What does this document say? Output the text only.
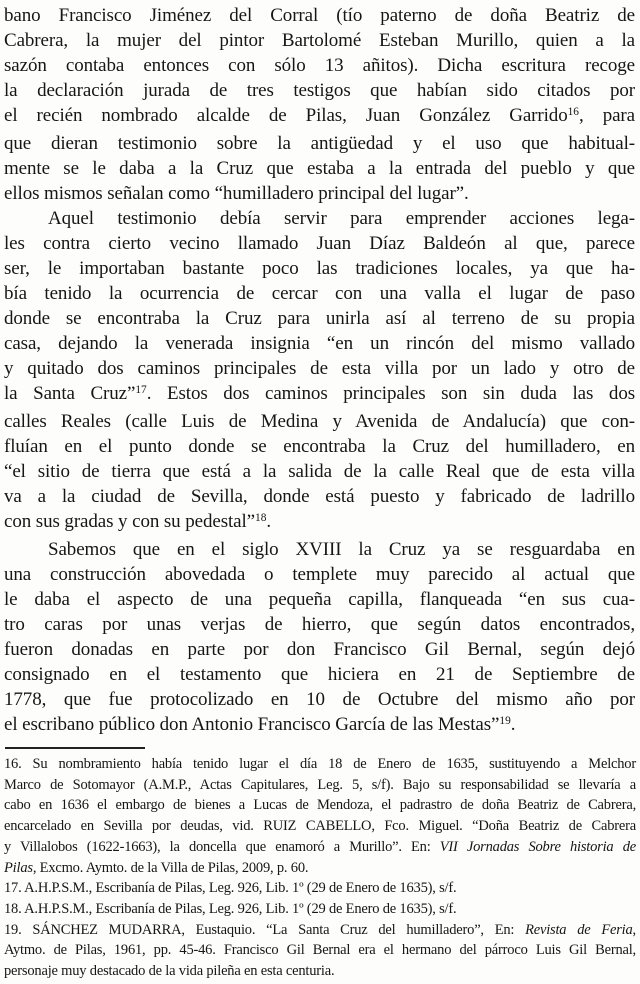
bano Francisco Jiménez del Corral (tío paterno de doña Beatriz de
Cabrera, la mujer del pintor Bartolomé Esteban Murillo, quien a la
sazón contaba entonces con sólo 13 añitos). Dicha escritura recoge
la declaración jurada de tres testigos que habían sido citados por
el recién nombrado alcalde de Pilas, Juan González Garrido$^{16}$, para
que dieran testimonio sobre la antigüedad y el uso que habitual-
mente se le daba a la Cruz que estaba a la entrada del pueblo y que
ellos mismos señalan como “humilladero principal del lugar”.
Aquel testimonio debía servir para emprender acciones lega-
les contra cierto vecino llamado Juan Díaz Baldeón al que, parece
ser, le importaban bastante poco las tradiciones locales, ya que ha-
bía tenido la ocurrencia de cercar con una valla el lugar de paso
donde se encontraba la Cruz para unirla así al terreno de su propia
casa, dejando la venerada insignia “en un rincón del mismo vallado
y quitado dos caminos principales de esta villa por un lado y otro de
la Santa Cruz”$^{17}$. Estos dos caminos principales son sin duda las dos
calles Reales (calle Luis de Medina y Avenida de Andalucía) que con-
fluían en el punto donde se encontraba la Cruz del humilladero, en
“el sitio de tierra que está a la salida de la calle Real que de esta villa
va a la ciudad de Sevilla, donde está puesto y fabricado de ladrillo
con sus gradas y con su pedestal”$^{18}$.
Sabemos que en el siglo XVIII la Cruz ya se resguardaba en
una construcción abovedada o templete muy parecido al actual que
le daba el aspecto de una pequeña capilla, flanqueada “en sus cua-
tro caras por unas verjas de hierro, que según datos encontrados,
fueron donadas en parte por don Francisco Gil Bernal, según dejó
consignado en el testamento que hiciera en 21 de Septiembre de
1778, que fue protocolizado en 10 de Octubre del mismo año por
el escribano público don Antonio Francisco García de las Mestas”$^{19}$.
16. Su nombramiento había tenido lugar el día 18 de Enero de 1635, sustituyendo a Melchor
Marco de Sotomayor (A.M.P., Actas Capitulares, Leg. 5, s/f). Bajo su responsabilidad se llevaría a
cabo en 1636 el embargo de bienes a Lucas de Mendoza, el padrastro de doña Beatriz de Cabrera,
encarcelado en Sevilla por deudas, vid. RUIZ CABELLO, Fco. Miguel. “Doña Beatriz de Cabrera
y Villalobos (1622-1663), la doncella que enamoró a Murillo”. En: VII Jornadas Sobre historia de
Pilas, Excmo. Aymto. de la Villa de Pilas, 2009, p. 60.
17. A.H.P.S.M., Escribanía de Pilas, Leg. 926, Lib. 1º (29 de Enero de 1635), s/f.
18. A.H.P.S.M., Escribanía de Pilas, Leg. 926, Lib. 1º (29 de Enero de 1635), s/f.
19. SÁNCHEZ MUDARRA, Eustaquio. “La Santa Cruz del humilladero”, En: Revista de Feria,
Aytmo. de Pilas, 1961, pp. 45-46. Francisco Gil Bernal era el hermano del párroco Luis Gil Bernal,
personaje muy destacado de la vida pileña en esta centuria.
